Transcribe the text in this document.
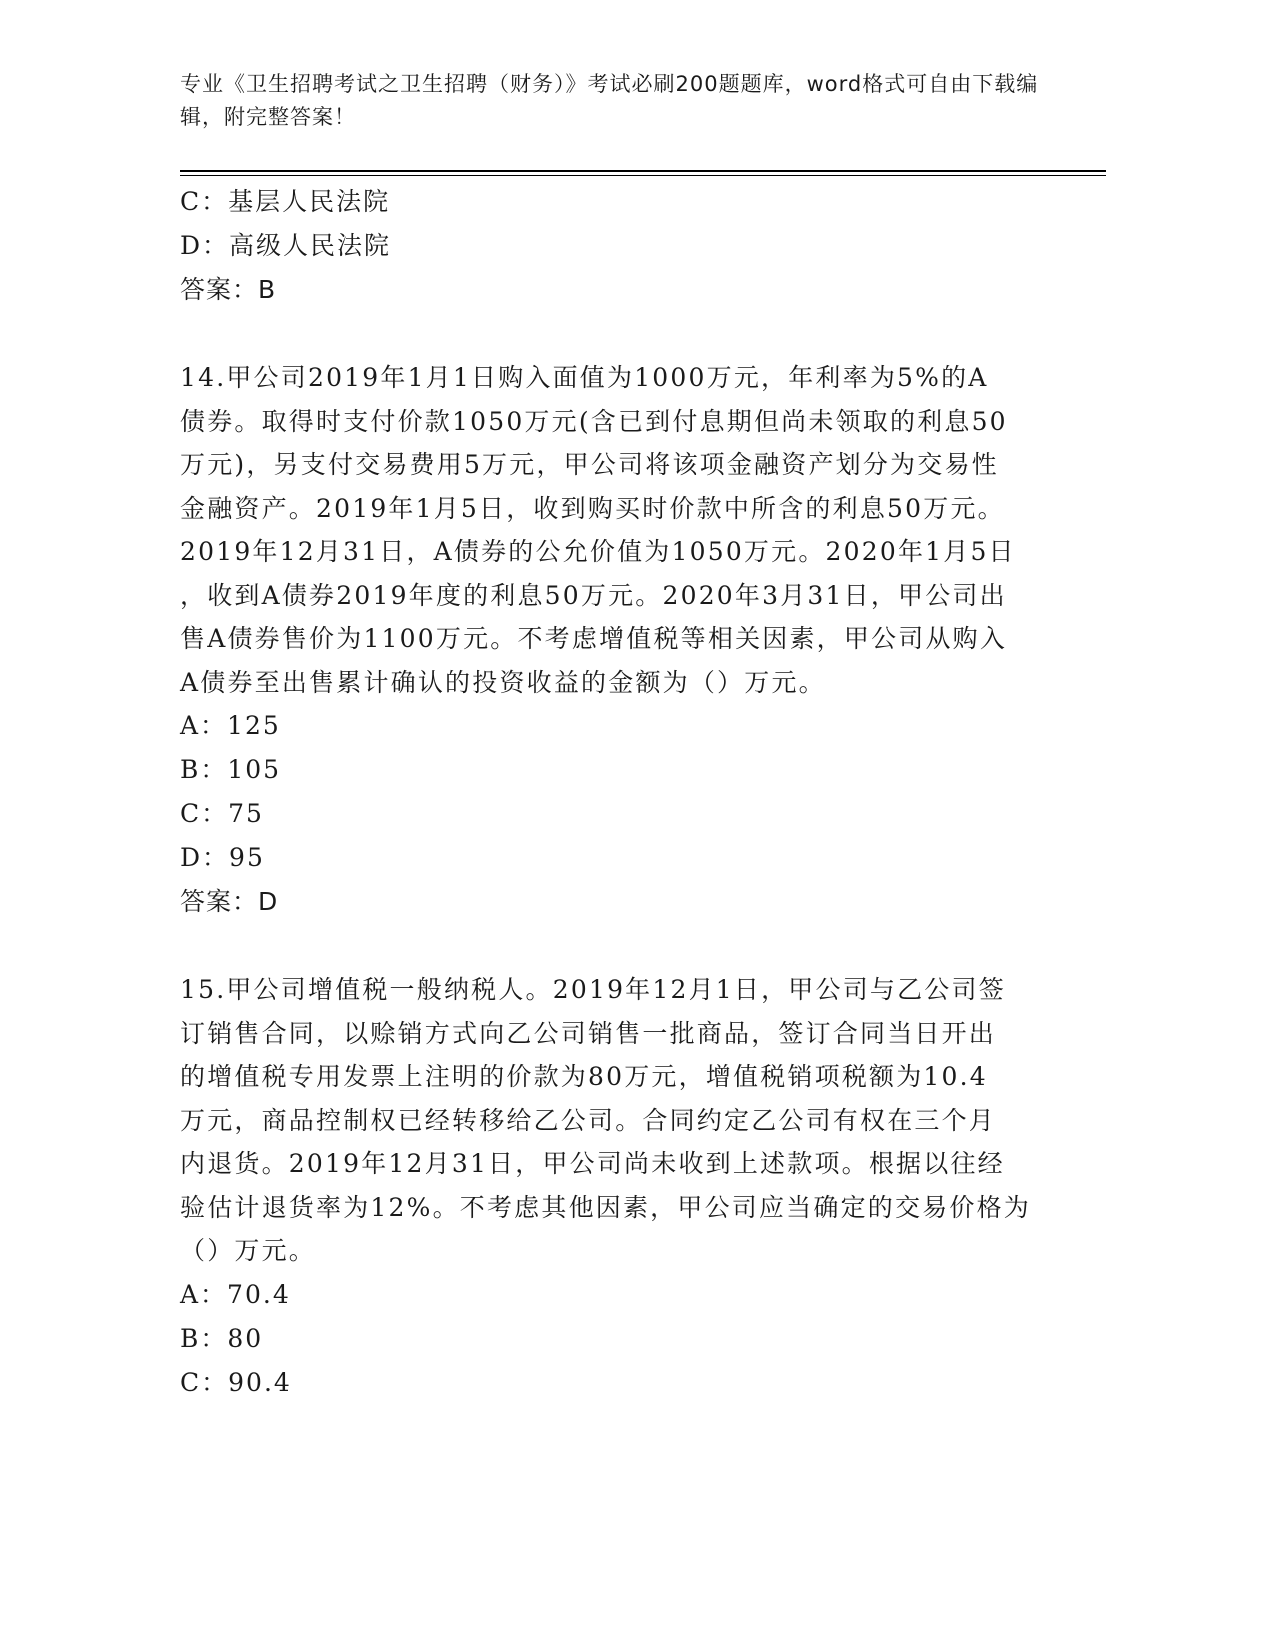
专业《卫生招聘考试之卫生招聘（财务）》考试必刷200题题库，word格式可自由下载编辑，附完整答案！
C：基层人民法院
D：高级人民法院
答案：B
14.甲公司2019年1月1日购入面值为1000万元，年利率为5%的A
债券。取得时支付价款1050万元(含已到付息期但尚未领取的利息50
万元)，另支付交易费用5万元，甲公司将该项金融资产划分为交易性
金融资产。2019年1月5日，收到购买时价款中所含的利息50万元。
2019年12月31日，A债券的公允价值为1050万元。2020年1月5日
，收到A债券2019年度的利息50万元。2020年3月31日，甲公司出
售A债券售价为1100万元。不考虑增值税等相关因素，甲公司从购入
A债券至出售累计确认的投资收益的金额为（）万元。
A：125
B：105
C：75
D：95
答案：D
15.甲公司增值税一般纳税人。2019年12月1日，甲公司与乙公司签
订销售合同，以赊销方式向乙公司销售一批商品，签订合同当日开出
的增值税专用发票上注明的价款为80万元，增值税销项税额为10.4
万元，商品控制权已经转移给乙公司。合同约定乙公司有权在三个月
内退货。2019年12月31日，甲公司尚未收到上述款项。根据以往经
验估计退货率为12%。不考虑其他因素，甲公司应当确定的交易价格为
（）万元。
A：70.4
B：80
C：90.4
